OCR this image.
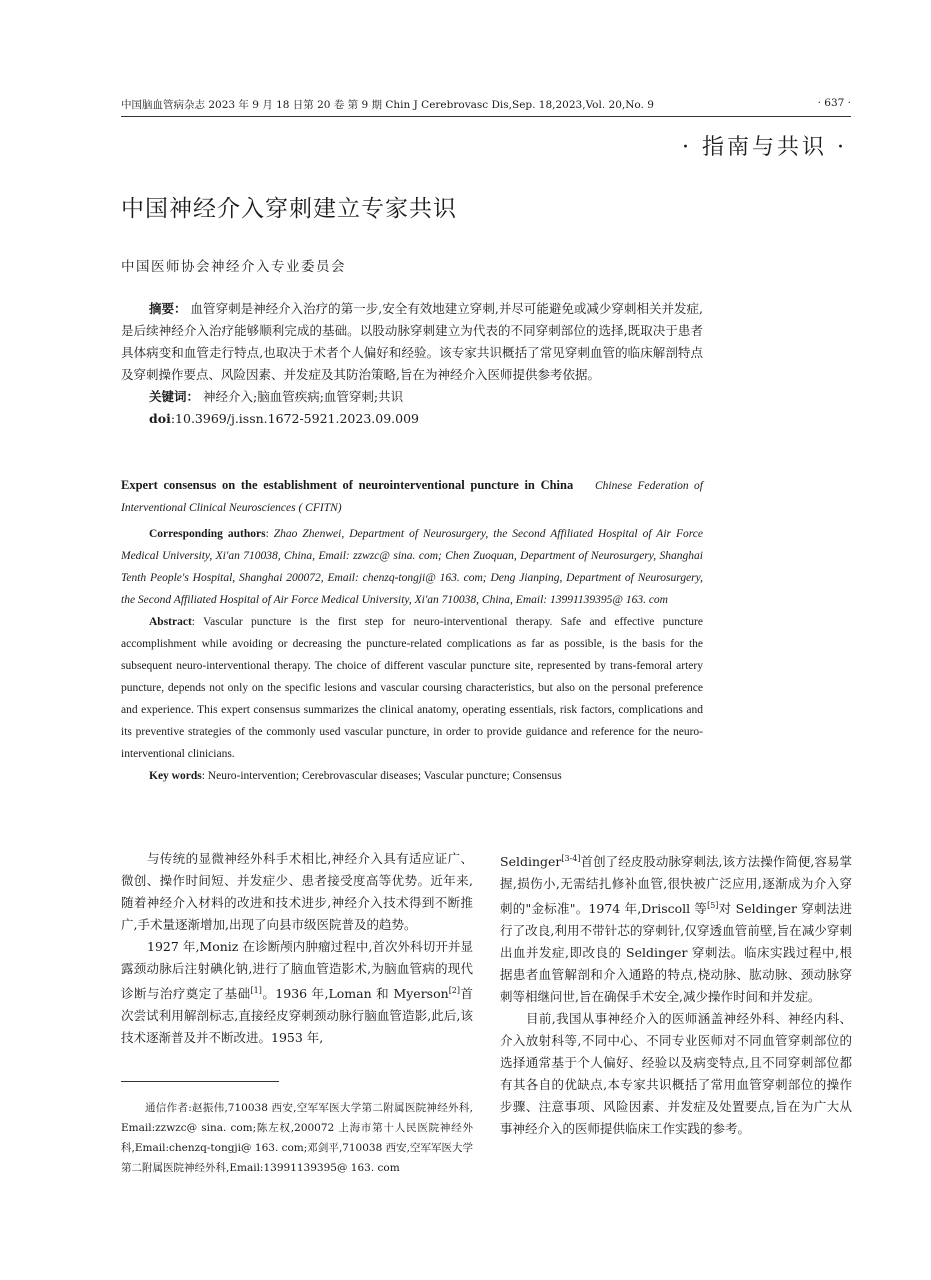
中国脑血管病杂志 2023 年 9 月 18 日第 20 卷 第 9 期 Chin J Cerebrovasc Dis,Sep. 18,2023,Vol. 20,No. 9	· 637 ·
· 指南与共识 ·
中国神经介入穿刺建立专家共识
中国医师协会神经介入专业委员会

摘要： 血管穿刺是神经介入治疗的第一步,安全有效地建立穿刺,并尽可能避免或减少穿刺相关并发症,是后续神经介入治疗能够顺利完成的基础。以股动脉穿刺建立为代表的不同穿刺部位的选择,既取决于患者具体病变和血管走行特点,也取决于术者个人偏好和经验。该专家共识概括了常见穿刺血管的临床解剖特点及穿刺操作要点、风险因素、并发症及其防治策略,旨在为神经介入医师提供参考依据。

关键词： 神经介入;脑血管疾病;血管穿刺;共识

doi:10.3969/j.issn.1672-5921.2023.09.009

Expert consensus on the establishment of neurointerventional puncture in China Chinese Federation of Interventional Clinical Neurosciences ( CFITN)

Corresponding authors: Zhao Zhenwei, Department of Neurosurgery, the Second Affiliated Hospital of Air Force Medical University, Xi'an 710038, China, Email: zzwzc@ sina. com; Chen Zuoquan, Department of Neurosurgery, Shanghai Tenth People's Hospital, Shanghai 200072, Email: chenzq-tongji@ 163. com; Deng Jianping, Department of Neurosurgery, the Second Affiliated Hospital of Air Force Medical University, Xi'an 710038, China, Email: 13991139395@ 163. com

Abstract: Vascular puncture is the first step for neuro-interventional therapy. Safe and effective puncture accomplishment while avoiding or decreasing the puncture-related complications as far as possible, is the basis for the subsequent neuro-interventional therapy. The choice of different vascular puncture site, represented by trans-femoral artery puncture, depends not only on the specific lesions and vascular coursing characteristics, but also on the personal preference and experience. This expert consensus summarizes the clinical anatomy, operating essentials, risk factors, complications and its preventive strategies of the commonly used vascular puncture, in order to provide guidance and reference for the neuro-interventional clinicians.

Key words: Neuro-intervention; Cerebrovascular diseases; Vascular puncture; Consensus

与传统的显微神经外科手术相比,神经介入具有适应证广、微创、操作时间短、并发症少、患者接受度高等优势。近年来,随着神经介入材料的改进和技术进步,神经介入技术得到不断推广,手术量逐渐增加,出现了向县市级医院普及的趋势。

1927 年,Moniz 在诊断颅内肿瘤过程中,首次外科切开并显露颈动脉后注射碘化钠,进行了脑血管造影术,为脑血管病的现代诊断与治疗奠定了基础[1]。1936 年,Loman 和 Myerson[2]首次尝试利用解剖标志,直接经皮穿刺颈动脉行脑血管造影,此后,该技术逐渐普及并不断改进。1953 年,

通信作者:赵振伟,710038 西安,空军军医大学第二附属医院神经外科, Email:zzwzc@ sina. com;陈左权,200072 上海市第十人民医院神经外科,Email:chenzq-tongji@ 163. com;邓剑平,710038 西安,空军军医大学第二附属医院神经外科,Email:13991139395@ 163. com

Seldinger[3-4]首创了经皮股动脉穿刺法,该方法操作简便,容易掌握,损伤小,无需结扎修补血管,很快被广泛应用,逐渐成为介入穿刺的"金标准"。1974 年,Driscoll 等[5]对 Seldinger 穿刺法进行了改良,利用不带针芯的穿刺针,仅穿透血管前壁,旨在减少穿刺出血并发症,即改良的 Seldinger 穿刺法。临床实践过程中,根据患者血管解剖和介入通路的特点,桡动脉、肱动脉、颈动脉穿刺等相继问世,旨在确保手术安全,减少操作时间和并发症。

目前,我国从事神经介入的医师涵盖神经外科、神经内科、介入放射科等,不同中心、不同专业医师对不同血管穿刺部位的选择通常基于个人偏好、经验以及病变特点,且不同穿刺部位都有其各自的优缺点,本专家共识概括了常用血管穿刺部位的操作步骤、注意事项、风险因素、并发症及处置要点,旨在为广大从事神经介入的医师提供临床工作实践的参考。
